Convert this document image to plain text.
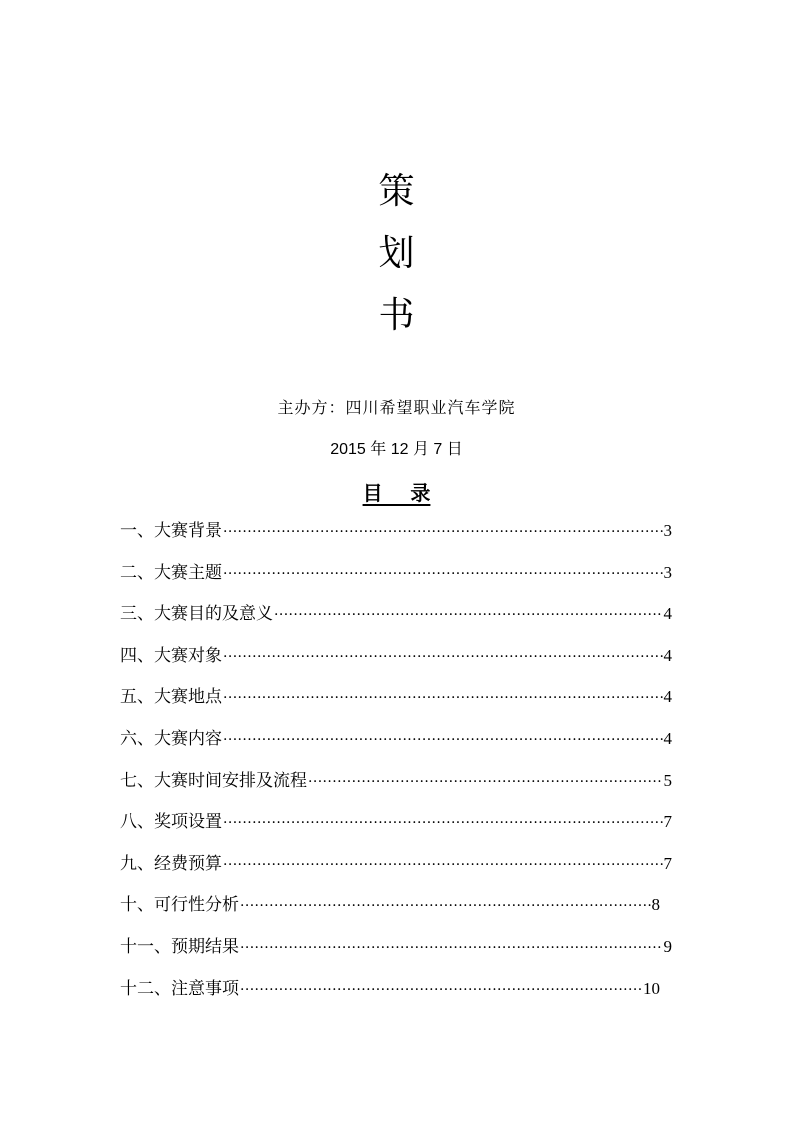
策
划
书
主办方：四川希望职业汽车学院
2015 年 12 月 7 日
目    录
一、大赛背景 ·····	3
二、大赛主题 ·····	3
三、大赛目的及意义 ·····	4
四、大赛对象 ·····	4
五、大赛地点 ·····	4
六、大赛内容 ·····	4
七、大赛时间安排及流程 ·····	5
八、奖项设置 ·····	7
九、经费预算 ·····	7
十、可行性分析 ·····	8
十一、预期结果 ·····	9
十二、注意事项 ·····	10
